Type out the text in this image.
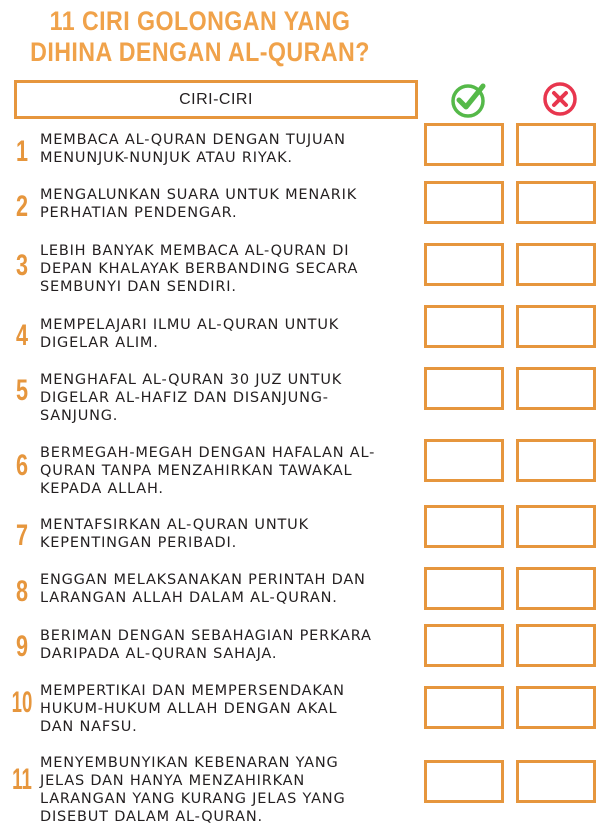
11 CIRI GOLONGAN YANG
DIHINA DENGAN AL-QURAN?
CIRI-CIRI
1 MEMBACA AL-QURAN DENGAN TUJUAN
MENUNJUK-NUNJUK ATAU RIYAK.
2 MENGALUNKAN SUARA UNTUK MENARIK
PERHATIAN PENDENGAR.
3 LEBIH BANYAK MEMBACA AL-QURAN DI
DEPAN KHALAYAK BERBANDING SECARA
SEMBUNYI DAN SENDIRI.
4 MEMPELAJARI ILMU AL-QURAN UNTUK
DIGELAR ALIM.
5 MENGHAFAL AL-QURAN 30 JUZ UNTUK
DIGELAR AL-HAFIZ DAN DISANJUNG-
SANJUNG.
6 BERMEGAH-MEGAH DENGAN HAFALAN AL-
QURAN TANPA MENZAHIRKAN TAWAKAL
KEPADA ALLAH.
7 MENTAFSIRKAN AL-QURAN UNTUK
KEPENTINGAN PERIBADI.
8 ENGGAN MELAKSANAKAN PERINTAH DAN
LARANGAN ALLAH DALAM AL-QURAN.
9 BERIMAN DENGAN SEBAHAGIAN PERKARA
DARIPADA AL-QURAN SAHAJA.
10 MEMPERTIKAI DAN MEMPERSENDAKAN
HUKUM-HUKUM ALLAH DENGAN AKAL
DAN NAFSU.
11 MENYEMBUNYIKAN KEBENARAN YANG
JELAS DAN HANYA MENZAHIRKAN
LARANGAN YANG KURANG JELAS YANG
DISEBUT DALAM AL-QURAN.
